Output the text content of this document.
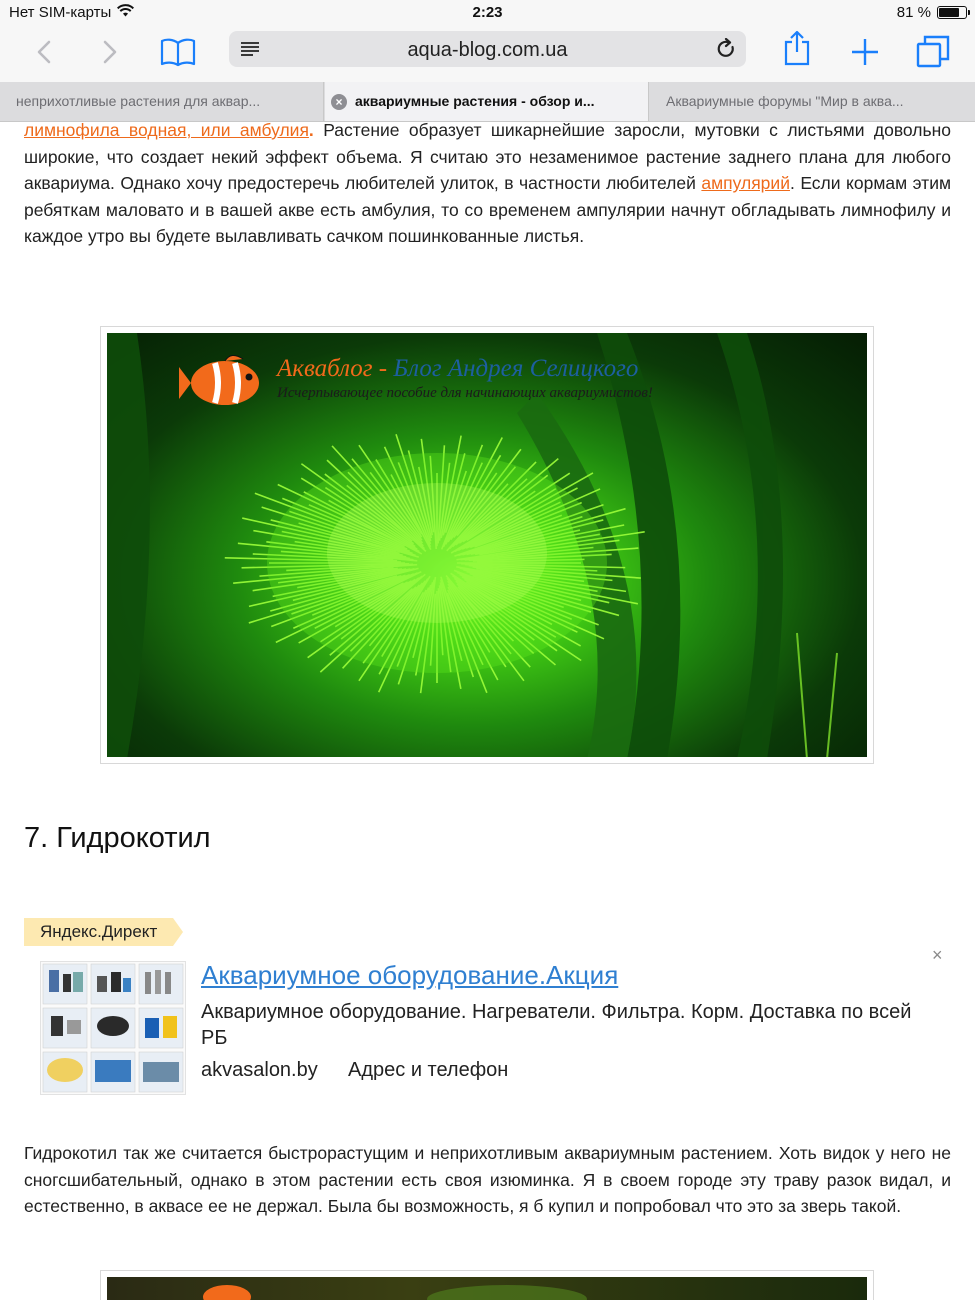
Нет SIM-карты	2:23	81 %
aqua-blog.com.ua
неприхотливые растения для аквар...	× аквариумные растения - обзор и...	Аквариумные форумы "Мир в аква...

лимнофила водная, или амбулия. Растение образует шикарнейшие заросли, мутовки с листьями довольно широкие, что создает некий эффект объема. Я считаю это незаменимое растение заднего плана для любого аквариума. Однако хочу предостеречь любителей улиток, в частности любителей ампулярий. Если кормам этим ребяткам маловато и в вашей акве есть амбулия, то со временем ампулярии начнут обгладывать лимнофилу и каждое утро вы будете вылавливать сачком пошинкованные листья.

Акваблог - Блог Андрея Селицкого
Исчерпывающее пособие для начинающих аквариумистов!
7. Гидрокотил
Яндекс.Директ
×
Аквариумное оборудование.Акция
Аквариумное оборудование. Нагреватели. Фильтра. Корм. Доставка по всей РБ
akvasalon.by Адрес и телефон

Гидрокотил так же считается быстрорастущим и неприхотливым аквариумным растением. Хоть видок у него не сногсшибательный, однако в этом растении есть своя изюминка. Я в своем городе эту траву разок видал, и естественно, в аквасе ее не держал. Была бы возможность, я б купил и попробовал что это за зверь такой.
